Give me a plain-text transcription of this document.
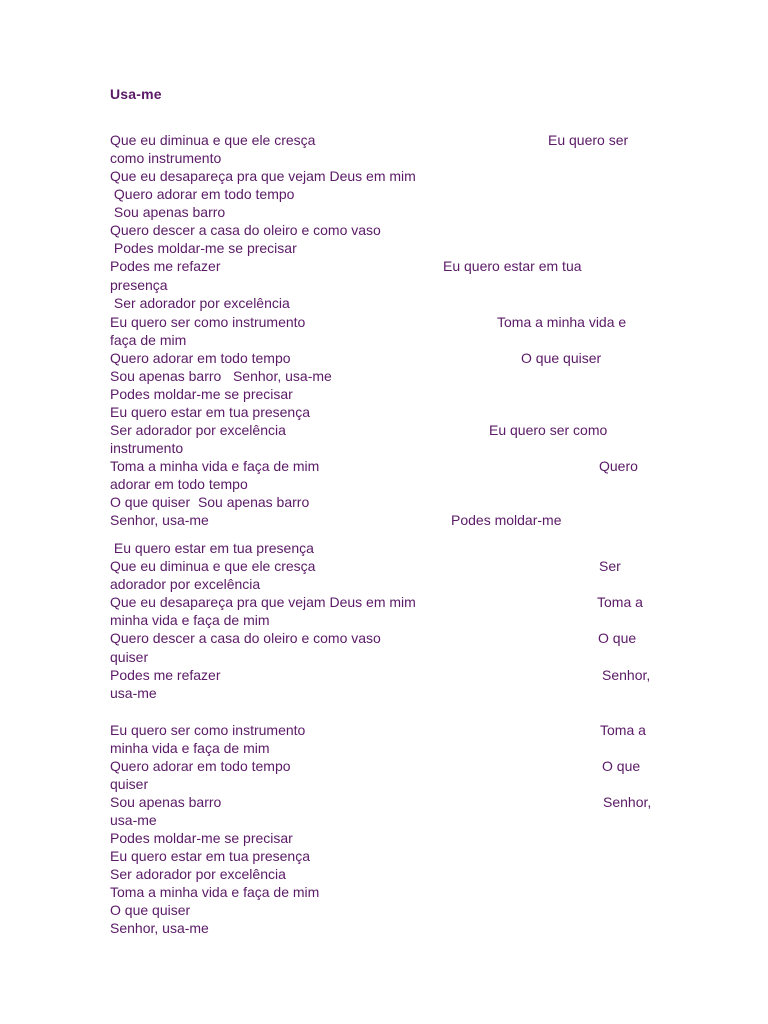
Usa-me
Que eu diminua e que ele cresça	Eu quero ser
como instrumento
Que eu desapareça pra que vejam Deus em mim
Quero adorar em todo tempo
Sou apenas barro
Quero descer a casa do oleiro e como vaso
Podes moldar-me se precisar
Podes me refazer	Eu quero estar em tua
presença
Ser adorador por excelência
Eu quero ser como instrumento	Toma a minha vida e
faça de mim
Quero adorar em todo tempo	O que quiser
Sou apenas barro   Senhor, usa-me
Podes moldar-me se precisar
Eu quero estar em tua presença
Ser adorador por excelência	Eu quero ser como
instrumento
Toma a minha vida e faça de mim	Quero
adorar em todo tempo
O que quiser  Sou apenas barro
Senhor, usa-me	Podes moldar-me
Eu quero estar em tua presença
Que eu diminua e que ele cresça	Ser
adorador por excelência
Que eu desapareça pra que vejam Deus em mim	Toma a
minha vida e faça de mim
Quero descer a casa do oleiro e como vaso	O que
quiser
Podes me refazer	Senhor,
usa-me
Eu quero ser como instrumento	Toma a
minha vida e faça de mim
Quero adorar em todo tempo	O que
quiser
Sou apenas barro	Senhor,
usa-me
Podes moldar-me se precisar
Eu quero estar em tua presença
Ser adorador por excelência
Toma a minha vida e faça de mim
O que quiser
Senhor, usa-me
